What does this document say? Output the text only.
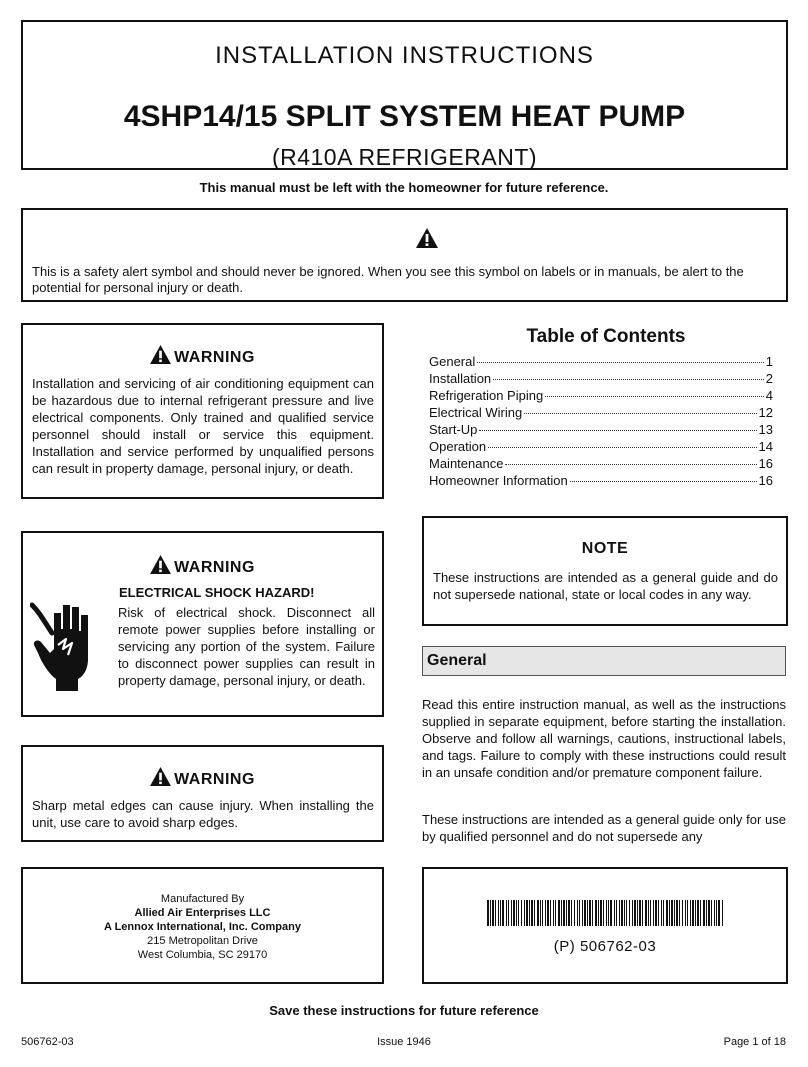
INSTALLATION INSTRUCTIONS
4SHP14/15 SPLIT SYSTEM HEAT PUMP
(R410A REFRIGERANT)
This manual must be left with the homeowner for future reference.

This is a safety alert symbol and should never be ignored. When you see this symbol on labels or in manuals, be alert to the potential for personal injury or death.

WARNING

Installation and servicing of air conditioning equipment can be hazardous due to internal refrigerant pressure and live electrical components. Only trained and qualified service personnel should install or service this equipment. Installation and service performed by unqualified persons can result in property damage, personal injury, or death.

WARNING
ELECTRICAL SHOCK HAZARD!

Risk of electrical shock. Disconnect all remote power supplies before installing or servicing any portion of the system. Failure to disconnect power supplies can result in property damage, personal injury, or death.

WARNING

Sharp metal edges can cause injury. When installing the unit, use care to avoid sharp edges.

Table of Contents
General	1
Installation	2
Refrigeration Piping	4
Electrical Wiring	12
Start-Up	13
Operation	14
Maintenance	16
Homeowner Information	16
NOTE

These instructions are intended as a general guide and do not supersede national, state or local codes in any way.

General

Read this entire instruction manual, as well as the instructions supplied in separate equipment, before starting the installation. Observe and follow all warnings, cautions, instructional labels, and tags. Failure to comply with these instructions could result in an unsafe condition and/or premature component failure.

These instructions are intended as a general guide only for use by qualified personnel and do not supersede any

Manufactured By
Allied Air Enterprises LLC
A Lennox International, Inc. Company
215 Metropolitan Drive
West Columbia, SC 29170	(P) 506762-03
Save these instructions for future reference
506762-03	Issue 1946	Page 1 of 18
